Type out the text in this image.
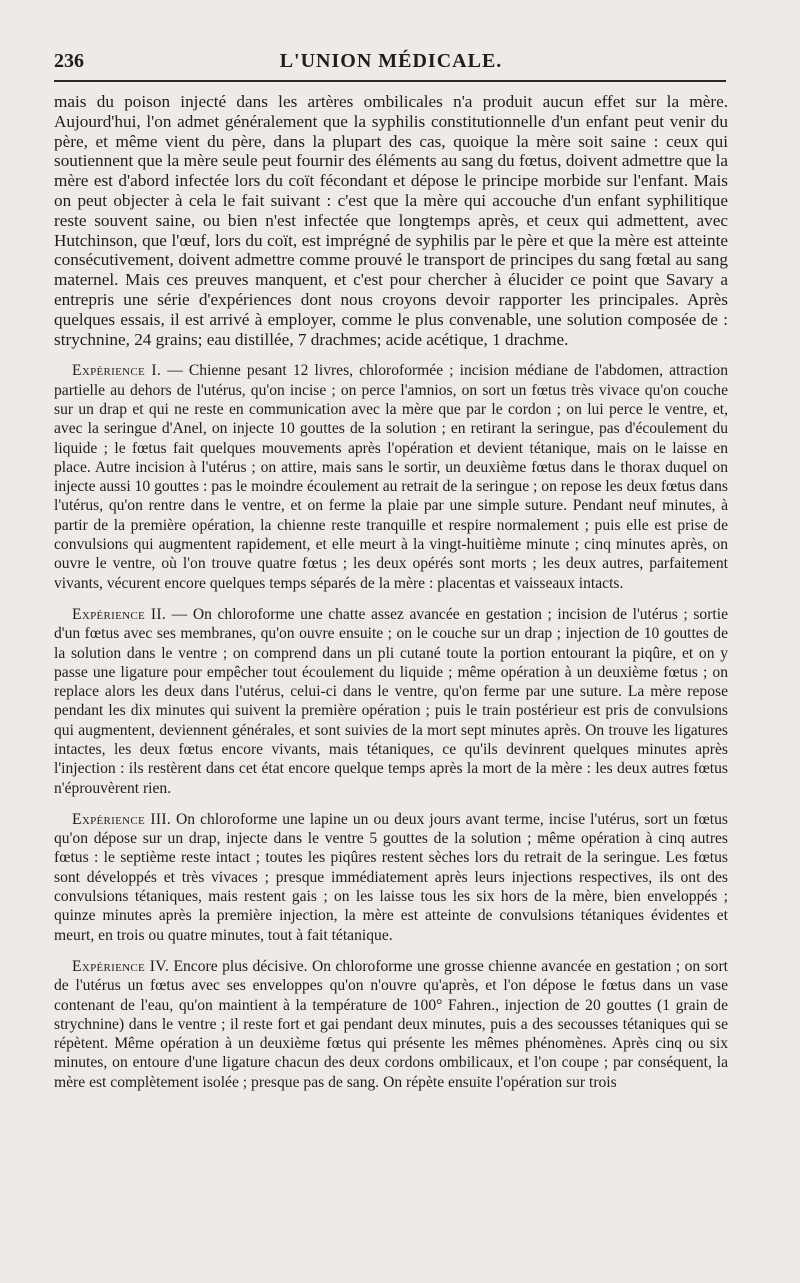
236	L'UNION MÉDICALE.

mais du poison injecté dans les artères ombilicales n'a produit aucun effet sur la mère. Aujourd'hui, l'on admet généralement que la syphilis constitutionnelle d'un enfant peut venir du père, et même vient du père, dans la plupart des cas, quoique la mère soit saine : ceux qui soutiennent que la mère seule peut fournir des éléments au sang du fœtus, doivent admettre que la mère est d'abord infectée lors du coït fécondant et dépose le principe morbide sur l'enfant. Mais on peut objecter à cela le fait suivant : c'est que la mère qui accouche d'un enfant syphilitique reste souvent saine, ou bien n'est infectée que longtemps après, et ceux qui admettent, avec Hutchinson, que l'œuf, lors du coït, est imprégné de syphilis par le père et que la mère est atteinte consécutivement, doivent admettre comme prouvé le transport de principes du sang fœtal au sang maternel. Mais ces preuves manquent, et c'est pour chercher à élucider ce point que Savary a entrepris une série d'expériences dont nous croyons devoir rapporter les principales. Après quelques essais, il est arrivé à employer, comme le plus convenable, une solution composée de : strychnine, 24 grains; eau distillée, 7 drachmes; acide acétique, 1 drachme.

Expérience I. — Chienne pesant 12 livres, chloroformée ; incision médiane de l'abdomen, attraction partielle au dehors de l'utérus, qu'on incise ; on perce l'amnios, on sort un fœtus très vivace qu'on couche sur un drap et qui ne reste en communication avec la mère que par le cordon ; on lui perce le ventre, et, avec la seringue d'Anel, on injecte 10 gouttes de la solution ; en retirant la seringue, pas d'écoulement du liquide ; le fœtus fait quelques mouvements après l'opération et devient tétanique, mais on le laisse en place. Autre incision à l'utérus ; on attire, mais sans le sortir, un deuxième fœtus dans le thorax duquel on injecte aussi 10 gouttes : pas le moindre écoulement au retrait de la seringue ; on repose les deux fœtus dans l'utérus, qu'on rentre dans le ventre, et on ferme la plaie par une simple suture. Pendant neuf minutes, à partir de la première opération, la chienne reste tranquille et respire normalement ; puis elle est prise de convulsions qui augmentent rapidement, et elle meurt à la vingt-huitième minute ; cinq minutes après, on ouvre le ventre, où l'on trouve quatre fœtus ; les deux opérés sont morts ; les deux autres, parfaitement vivants, vécurent encore quelques temps séparés de la mère : placentas et vaisseaux intacts.

Expérience II. — On chloroforme une chatte assez avancée en gestation ; incision de l'utérus ; sortie d'un fœtus avec ses membranes, qu'on ouvre ensuite ; on le couche sur un drap ; injection de 10 gouttes de la solution dans le ventre ; on comprend dans un pli cutané toute la portion entourant la piqûre, et on y passe une ligature pour empêcher tout écoulement du liquide ; même opération à un deuxième fœtus ; on replace alors les deux dans l'utérus, celui-ci dans le ventre, qu'on ferme par une suture. La mère repose pendant les dix minutes qui suivent la première opération ; puis le train postérieur est pris de convulsions qui augmentent, deviennent générales, et sont suivies de la mort sept minutes après. On trouve les ligatures intactes, les deux fœtus encore vivants, mais tétaniques, ce qu'ils devinrent quelques minutes après l'injection : ils restèrent dans cet état encore quelque temps après la mort de la mère : les deux autres fœtus n'éprouvèrent rien.

Expérience III. On chloroforme une lapine un ou deux jours avant terme, incise l'utérus, sort un fœtus qu'on dépose sur un drap, injecte dans le ventre 5 gouttes de la solution ; même opération à cinq autres fœtus : le septième reste intact ; toutes les piqûres restent sèches lors du retrait de la seringue. Les fœtus sont développés et très vivaces ; presque immédiatement après leurs injections respectives, ils ont des convulsions tétaniques, mais restent gais ; on les laisse tous les six hors de la mère, bien enveloppés ; quinze minutes après la première injection, la mère est atteinte de convulsions tétaniques évidentes et meurt, en trois ou quatre minutes, tout à fait tétanique.

Expérience IV. Encore plus décisive. On chloroforme une grosse chienne avancée en gestation ; on sort de l'utérus un fœtus avec ses enveloppes qu'on n'ouvre qu'après, et l'on dépose le fœtus dans un vase contenant de l'eau, qu'on maintient à la température de 100° Fahren., injection de 20 gouttes (1 grain de strychnine) dans le ventre ; il reste fort et gai pendant deux minutes, puis a des secousses tétaniques qui se répètent. Même opération à un deuxième fœtus qui présente les mêmes phénomènes. Après cinq ou six minutes, on entoure d'une ligature chacun des deux cordons ombilicaux, et l'on coupe ; par conséquent, la mère est complètement isolée ; presque pas de sang. On répète ensuite l'opération sur trois
